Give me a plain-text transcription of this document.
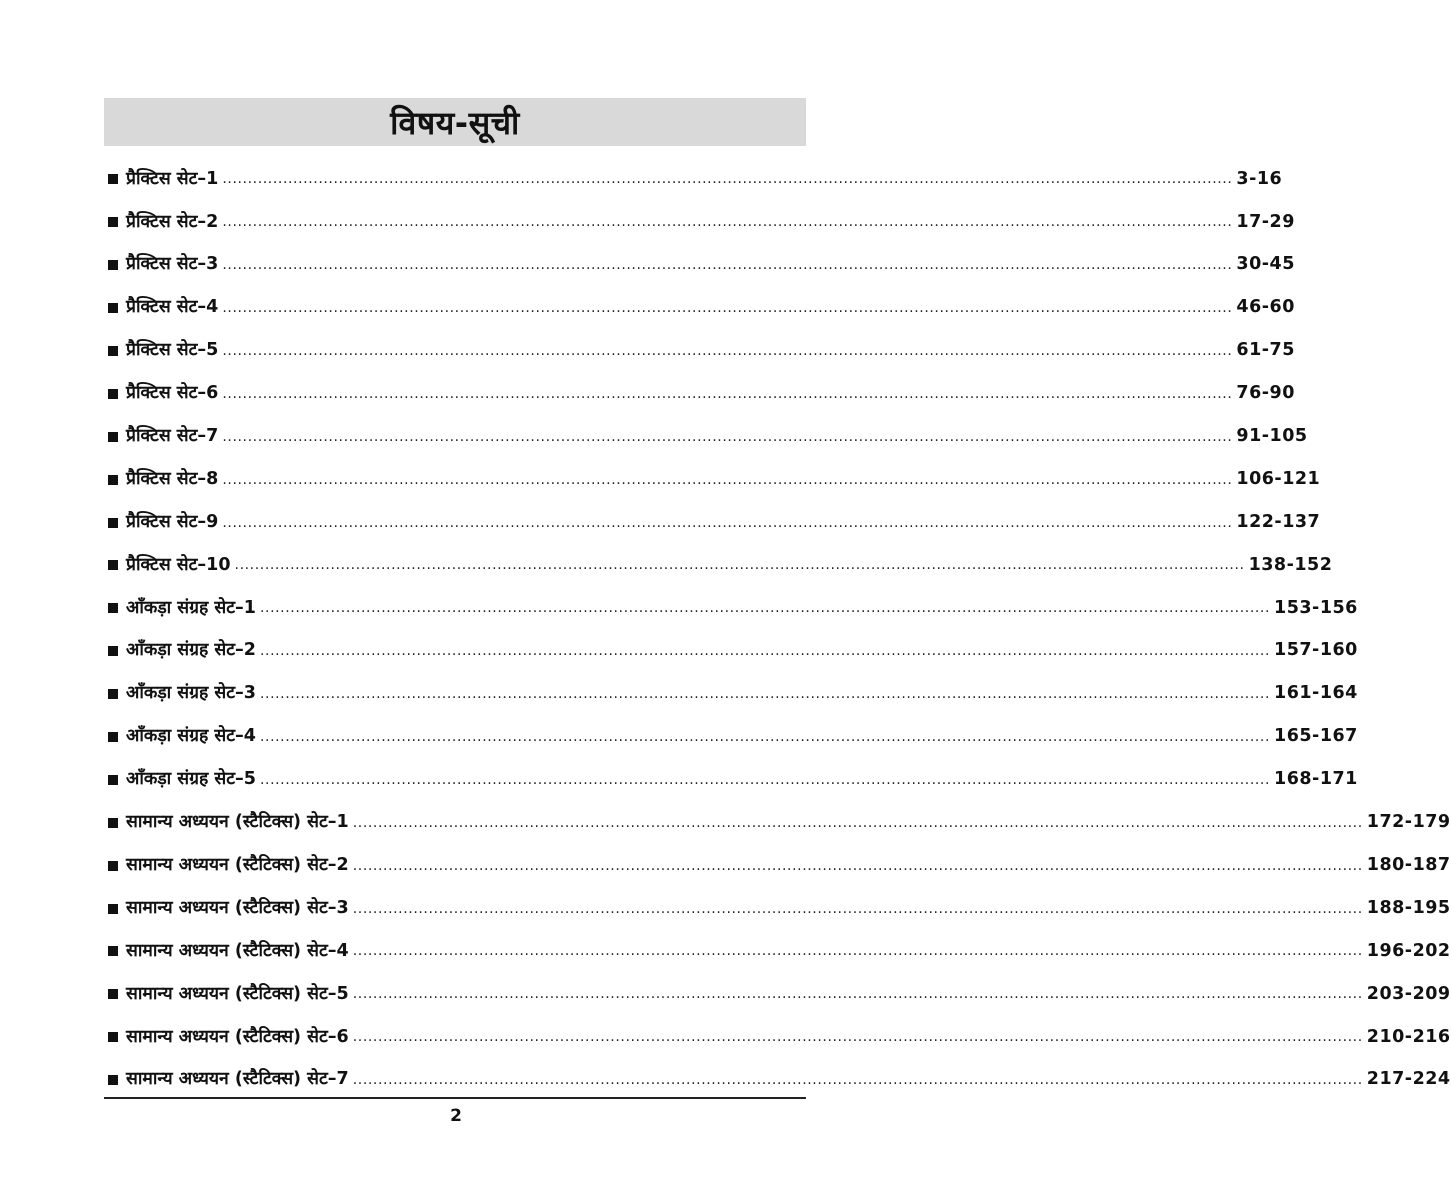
विषय-सूची
प्रैक्टिस सेट–1 ........................................................................................................................................................................................................ 3-16
प्रैक्टिस सेट–2 ........................................................................................................................................................................................................ 17-29
प्रैक्टिस सेट–3 ........................................................................................................................................................................................................ 30-45
प्रैक्टिस सेट–4 ........................................................................................................................................................................................................ 46-60
प्रैक्टिस सेट–5 ........................................................................................................................................................................................................ 61-75
प्रैक्टिस सेट–6 ........................................................................................................................................................................................................ 76-90
प्रैक्टिस सेट–7 ........................................................................................................................................................................................................ 91-105
प्रैक्टिस सेट–8 ........................................................................................................................................................................................................ 106-121
प्रैक्टिस सेट–9 ........................................................................................................................................................................................................ 122-137
प्रैक्टिस सेट–10 ........................................................................................................................................................................................................ 138-152
आँकड़ा संग्रह सेट–1 ........................................................................................................................................................................................................ 153-156
आँकड़ा संग्रह सेट–2 ........................................................................................................................................................................................................ 157-160
आँकड़ा संग्रह सेट–3 ........................................................................................................................................................................................................ 161-164
आँकड़ा संग्रह सेट–4 ........................................................................................................................................................................................................ 165-167
आँकड़ा संग्रह सेट–5 ........................................................................................................................................................................................................ 168-171
सामान्य अध्ययन (स्टैटिक्स) सेट–1 ........................................................................................................................................................................................................ 172-179
सामान्य अध्ययन (स्टैटिक्स) सेट–2 ........................................................................................................................................................................................................ 180-187
सामान्य अध्ययन (स्टैटिक्स) सेट–3 ........................................................................................................................................................................................................ 188-195
सामान्य अध्ययन (स्टैटिक्स) सेट–4 ........................................................................................................................................................................................................ 196-202
सामान्य अध्ययन (स्टैटिक्स) सेट–5 ........................................................................................................................................................................................................ 203-209
सामान्य अध्ययन (स्टैटिक्स) सेट–6 ........................................................................................................................................................................................................ 210-216
सामान्य अध्ययन (स्टैटिक्स) सेट–7 ........................................................................................................................................................................................................ 217-224
2
